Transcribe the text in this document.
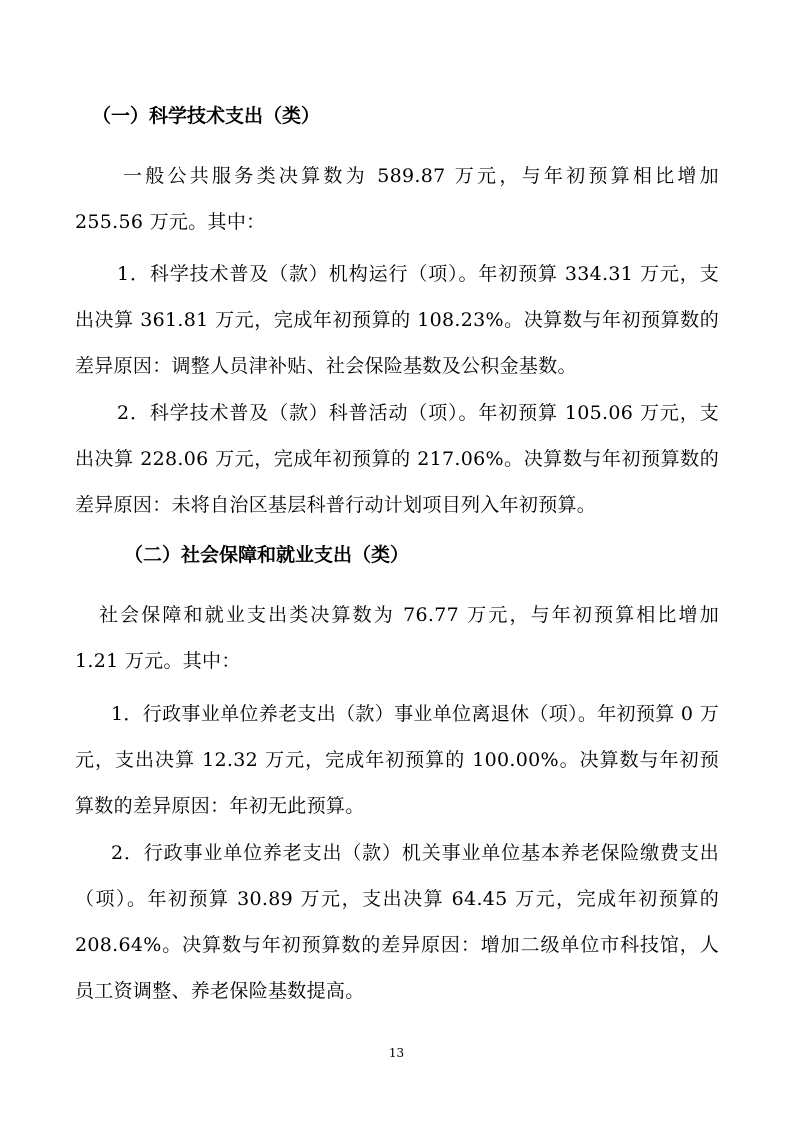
（一）科学技术支出（类）
一般公共服务类决算数为 589.87 万元，与年初预算相比增加 255.56 万元。其中：
1．科学技术普及（款）机构运行（项）。年初预算 334.31 万元，支出决算 361.81 万元，完成年初预算的 108.23%。决算数与年初预算数的差异原因：调整人员津补贴、社会保险基数及公积金基数。
2．科学技术普及（款）科普活动（项）。年初预算 105.06 万元，支出决算 228.06 万元，完成年初预算的 217.06%。决算数与年初预算数的差异原因：未将自治区基层科普行动计划项目列入年初预算。
（二）社会保障和就业支出（类）
社会保障和就业支出类决算数为 76.77 万元，与年初预算相比增加 1.21 万元。其中：
1．行政事业单位养老支出（款）事业单位离退休（项）。年初预算 0 万元，支出决算 12.32 万元，完成年初预算的 100.00%。决算数与年初预算数的差异原因：年初无此预算。
2．行政事业单位养老支出（款）机关事业单位基本养老保险缴费支出（项）。年初预算 30.89 万元，支出决算 64.45 万元，完成年初预算的 208.64%。决算数与年初预算数的差异原因：增加二级单位市科技馆，人员工资调整、养老保险基数提高。
13
